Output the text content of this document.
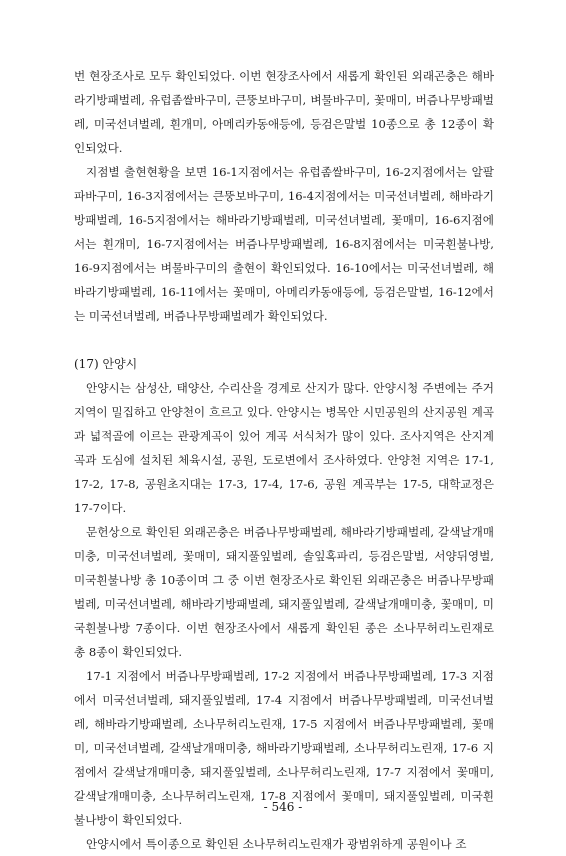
번 현장조사로 모두 확인되었다. 이번 현장조사에서 새롭게 확인된 외래곤충은 해바라기방패벌레, 유럽좀쌀바구미, 큰뚱보바구미, 벼물바구미, 꽃매미, 버즘나무방패벌레, 미국선녀벌레, 흰개미, 아메리카동애등에, 등검은말벌 10종으로 총 12종이 확인되었다.

지점별 출현현황을 보면 16-1지점에서는 유럽좀쌀바구미, 16-2지점에서는 알팔파바구미, 16-3지점에서는 큰뚱보바구미, 16-4지점에서는 미국선녀벌레, 해바라기방패벌레, 16-5지점에서는 해바라기방패벌레, 미국선녀벌레, 꽃매미, 16-6지점에서는 흰개미, 16-7지점에서는 버즘나무방패벌레, 16-8지점에서는 미국흰불나방, 16-9지점에서는 벼물바구미의 출현이 확인되었다. 16-10에서는 미국선녀벌레, 해바라기방패벌레, 16-11에서는 꽃매미, 아메리카동애등에, 등검은말벌, 16-12에서는 미국선녀벌레, 버즘나무방패벌레가 확인되었다.

(17) 안양시

안양시는 삼성산, 태양산, 수리산을 경계로 산지가 많다. 안양시청 주변에는 주거지역이 밀집하고 안양천이 흐르고 있다. 안양시는 병목안 시민공원의 산지공원 계곡과 넓적골에 이르는 관광계곡이 있어 계곡 서식처가 많이 있다. 조사지역은 산지계곡과 도심에 설치된 체육시설, 공원, 도로변에서 조사하였다. 안양천 지역은 17-1, 17-2, 17-8, 공원초지대는 17-3, 17-4, 17-6, 공원 계곡부는 17-5, 대학교정은 17-7이다.

문헌상으로 확인된 외래곤충은 버즘나무방패벌레, 해바라기방패벌레, 갈색날개매미충, 미국선녀벌레, 꽃매미, 돼지풀잎벌레, 솔잎혹파리, 등검은말벌, 서양뒤영벌, 미국흰불나방 총 10종이며 그 중 이번 현장조사로 확인된 외래곤충은 버즘나무방패벌레, 미국선녀벌레, 해바라기방패벌레, 돼지풀잎벌레, 갈색날개매미충, 꽃매미, 미국흰불나방 7종이다. 이번 현장조사에서 새롭게 확인된 종은 소나무허리노린재로 총 8종이 확인되었다.

17-1 지점에서 버즘나무방패벌레, 17-2 지점에서 버즘나무방패벌레, 17-3 지점에서 미국선녀벌레, 돼지풀잎벌레, 17-4 지점에서 버즘나무방패벌레, 미국선녀벌레, 해바라기방패벌레, 소나무허리노린재, 17-5 지점에서 버즘나무방패벌레, 꽃매미, 미국선녀벌레, 갈색날개매미충, 해바라기방패벌레, 소나무허리노린재, 17-6 지점에서 갈색날개매미충, 돼지풀잎벌레, 소나무허리노린재, 17-7 지점에서 꽃매미, 갈색날개매미충, 소나무허리노린재, 17-8 지점에서 꽃매미, 돼지풀잎벌레, 미국흰불나방이 확인되었다.

안양시에서 특이종으로 확인된 소나무허리노린재가 광범위하게 공원이나 조

- 546 -
